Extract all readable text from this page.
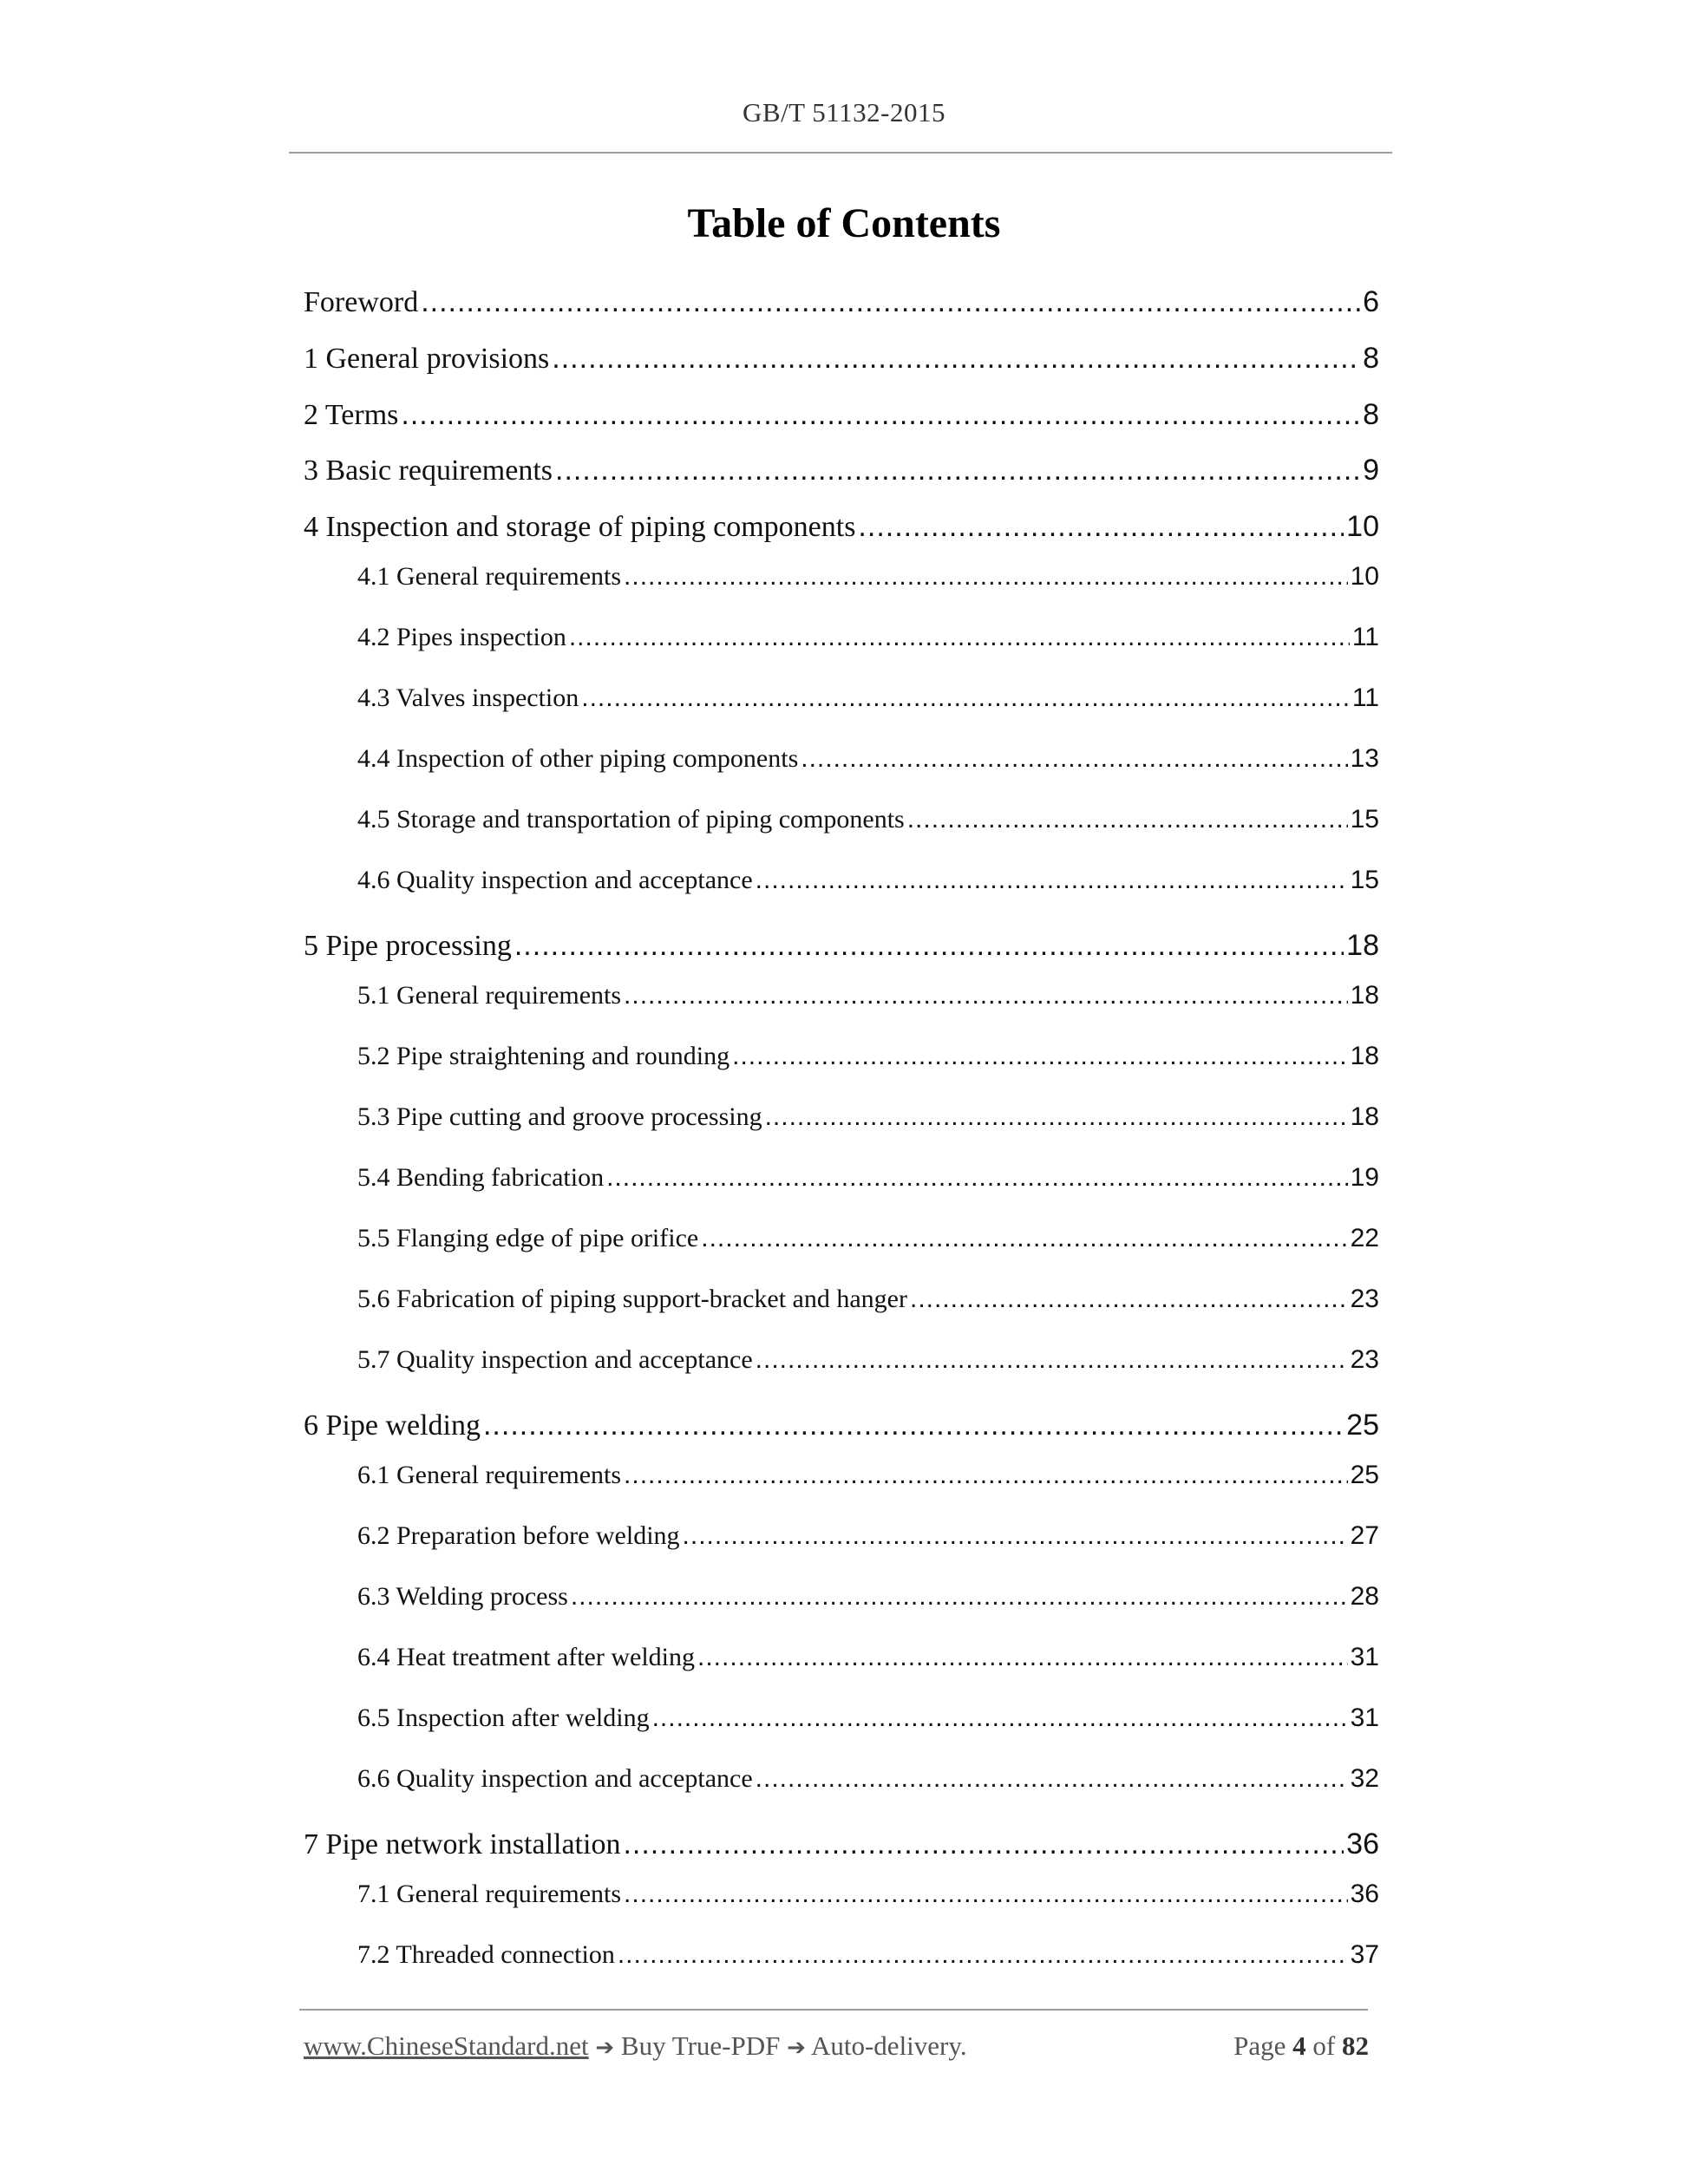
GB/T 51132-2015
Table of Contents
Foreword .....	6
1 General provisions .....	8
2 Terms .....	8
3 Basic requirements .....	9
4 Inspection and storage of piping components .....	10
4.1 General requirements .....	10
4.2 Pipes inspection .....	11
4.3 Valves inspection .....	11
4.4 Inspection of other piping components .....	13
4.5 Storage and transportation of piping components .....	15
4.6 Quality inspection and acceptance .....	15
5 Pipe processing .....	18
5.1 General requirements .....	18
5.2 Pipe straightening and rounding .....	18
5.3 Pipe cutting and groove processing .....	18
5.4 Bending fabrication .....	19
5.5 Flanging edge of pipe orifice .....	22
5.6 Fabrication of piping support-bracket and hanger .....	23
5.7 Quality inspection and acceptance .....	23
6 Pipe welding .....	25
6.1 General requirements .....	25
6.2 Preparation before welding .....	27
6.3 Welding process .....	28
6.4 Heat treatment after welding .....	31
6.5 Inspection after welding .....	31
6.6 Quality inspection and acceptance .....	32
7 Pipe network installation .....	36
7.1 General requirements .....	36
7.2 Threaded connection .....	37
www.ChineseStandard.net ➔ Buy True-PDF ➔ Auto-delivery.	Page 4 of 82
